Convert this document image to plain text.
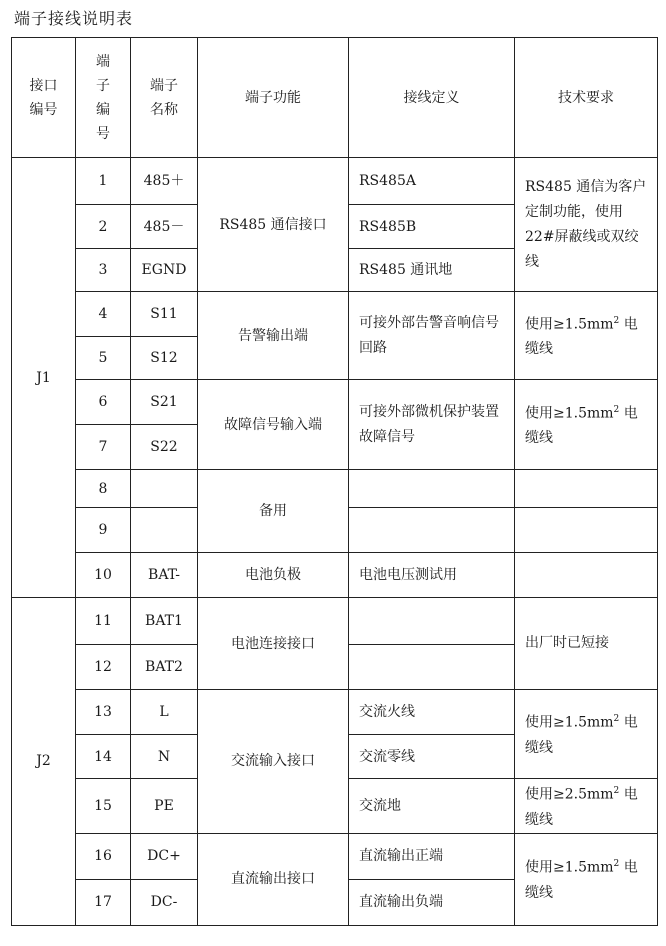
端子接线说明表
接口编号	端子编号	端子名称	端子功能	接线定义	技术要求
J1	1	485＋	RS485 通信接口	RS485A	RS485 通信为客户定制功能，使用 22#屏蔽线或双绞线
	2	485－		RS485B	
	3	EGND		RS485 通讯地	
	4	S11	告警输出端	可接外部告警音响信号回路	使用$\ge 1.5mm^2$ 电缆线
	5	S12			
	6	S21	故障信号输入端	可接外部微机保护装置故障信号	使用$\ge 1.5mm^2$ 电缆线
	7	S22			
	8		备用		
	9				
	10	BAT-	电池负极	电池电压测试用	
J2	11	BAT1	电池连接接口		出厂时已短接
	12	BAT2			
	13	L	交流输入接口	交流火线	使用$\ge 1.5mm^2$ 电缆线
	14	N		交流零线	
	15	PE		交流地	使用$\ge 2.5mm^2$ 电缆线
	16	DC+	直流输出接口	直流输出正端	使用$\ge 1.5mm^2$ 电缆线
	17	DC-		直流输出负端	
